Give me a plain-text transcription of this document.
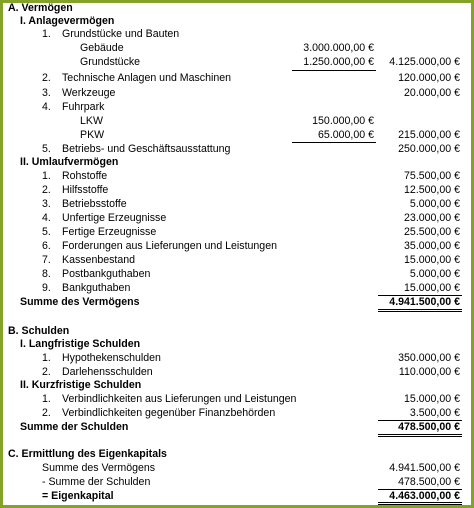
A. Vermögen
I. Anlagevermögen
1. Grundstücke und Bauten
Gebäude	3.000.000,00 €
Grundstücke	1.250.000,00 €	4.125.000,00 €
2. Technische Anlagen und Maschinen	120.000,00 €
3. Werkzeuge	20.000,00 €
4. Fuhrpark
LKW	150.000,00 €
PKW	65.000,00 €	215.000,00 €
5. Betriebs- und Geschäftsausstattung	250.000,00 €
II. Umlaufvermögen
1. Rohstoffe	75.500,00 €
2. Hilfsstoffe	12.500,00 €
3. Betriebsstoffe	5.000,00 €
4. Unfertige Erzeugnisse	23.000,00 €
5. Fertige Erzeugnisse	25.500,00 €
6. Forderungen aus Lieferungen und Leistungen	35.000,00 €
7. Kassenbestand	15.000,00 €
8. Postbankguthaben	5.000,00 €
9. Bankguthaben	15.000,00 €
Summe des Vermögens	4.941.500,00 €
B. Schulden
I. Langfristige Schulden
1. Hypothekenschulden	350.000,00 €
2. Darlehensschulden	110.000,00 €
II. Kurzfristige Schulden
1. Verbindlichkeiten aus Lieferungen und Leistungen	15.000,00 €
2. Verbindlichkeiten gegenüber Finanzbehörden	3.500,00 €
Summe der Schulden	478.500,00 €
C. Ermittlung des Eigenkapitals
Summe des Vermögens	4.941.500,00 €
- Summe der Schulden	478.500,00 €
= Eigenkapital	4.463.000,00 €
